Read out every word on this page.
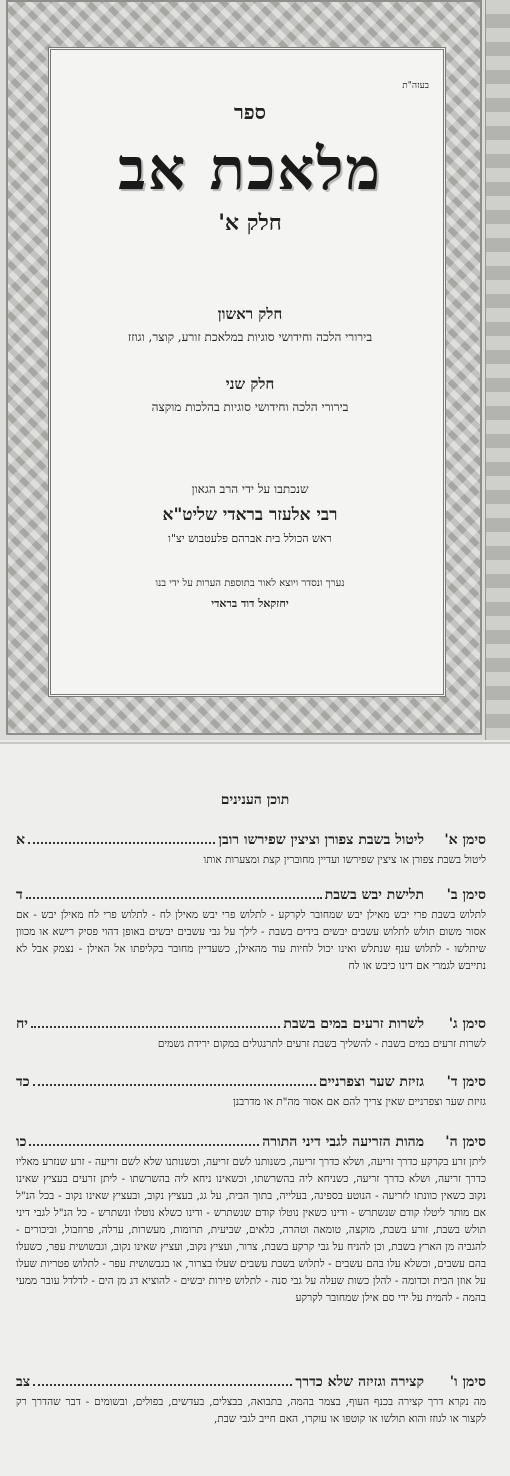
בעזה"ת
ספר
מלאכת אב
חלק א'
חלק ראשון
בירורי הלכה וחידושי סוגיות במלאכת זורע, קוצר, וגוזז
חלק שני
בירורי הלכה וחידושי סוגיות בהלכות מוקצה
שנכתבו על ידי הרב הגאון
רבי אלעזר בראדי שליט"א
ראש הכולל בית אברהם פלעטבוש יצ"ו
נערך ונסדר ויוצא לאור בתוספת הערות על ידי בנו
יחזקאל דוד בראדי
תוכן הענינים
סימן א'
ליטול בשבת צפורן וציצין שפירשו רובן
א
ליטול בשבת צפורן או ציצין שפירשו ועדיין מחוברין קצת ומצערות אותו
סימן ב'
תלישת יבש בשבת
ד
לתלוש בשבת פרי יבש מאילן יבש שמחובר לקרקע - לתלוש פרי יבש מאילן לח - לתלוש פרי לח מאילן יבש - אם אסור משום תולש לתלוש עשבים יבשים בידים בשבת - לילך על גבי עשבים יבשים באופן דהוי פסיק רישא או מכוון שיתלשו - לתלוש ענף שנתלש ואינו יכול לחיות עוד מהאילן, כשעדיין מחובר בקליפתו אל האילן - נצמק אבל לא נתייבש לגמרי אם דינו כיבש או לח
סימן ג'
לשרות זרעים במים בשבת
יח
לשרות זרעים במים בשבת - להשליך בשבת זרעים לתרנגולים במקום ירידת גשמים
סימן ד'
גזיזת שער וצפרניים
כד
גזיזת שער וצפרניים שאין צריך להם אם אסור מה"ת או מדרבנן
סימן ה'
מהות הזריעה לגבי דיני התורה
כו
ליתן זרע בקרקע כדרך זריעה, ושלא כדרך זריעה, כשנותנו לשם זריעה, וכשנותנו שלא לשם זריעה - זרע שנזרע מאליו כדרך זריעה, ושלא כדרך זריעה, כשניחא ליה בהשרשתו, וכשאינו ניחא ליה בהשרשתו - ליתן זרעים בעציץ שאינו נקוב כשאין כוונתו לזריעה - הנוטע בספינה, בעלייה, בתוך הבית, על גג, בעציץ נקוב, ובעציץ שאינו נקוב - בכל הנ"ל אם מותר ליטלו קודם שנשתרש - ודינו כשאין נוטלו קודם שנשתרש - ודינו כשלא נוטלו ונשתרש - כל הנ"ל לגבי דיני תולש בשבת, זורע בשבת, מוקצה, טומאה וטהרה, כלאים, שביעית, תרומות, מעשרות, ערלה, פרוזבול, וביכורים - להגביה מן הארץ בשבת, וכן להניח על גבי קרקע בשבת, צרור, ועציץ נקוב, ועציץ שאינו נקוב, וגבשושית עפר, כשעלו בהם עשבים, וכשלא עלו בהם עשבים - לתלוש בשבת עשבים שעלו בצרור, או בגבשושית עפר - לתלוש פטריות שעלו על אוזן הבית וכדומה - להלן כשות שעלה על גבי סנה - לתלוש פירות יבשים - להוציא דג מן הים - לדלדל עובר ממעי בהמה - להמית על ידי סם אילן שמחובר לקרקע
סימן ו'
קצירה וגזיזה שלא כדרך
צב
מה נקרא דרך קצירה בכנף העוף, בצמר בהמה, בתבואה, בבצלים, בעדשים, בפולים, ובשומים - דבר שהדרך רק לקצור או לגוזז והוא תולשו או קוטפו או עוקרו, האם חייב לגבי שבת,
